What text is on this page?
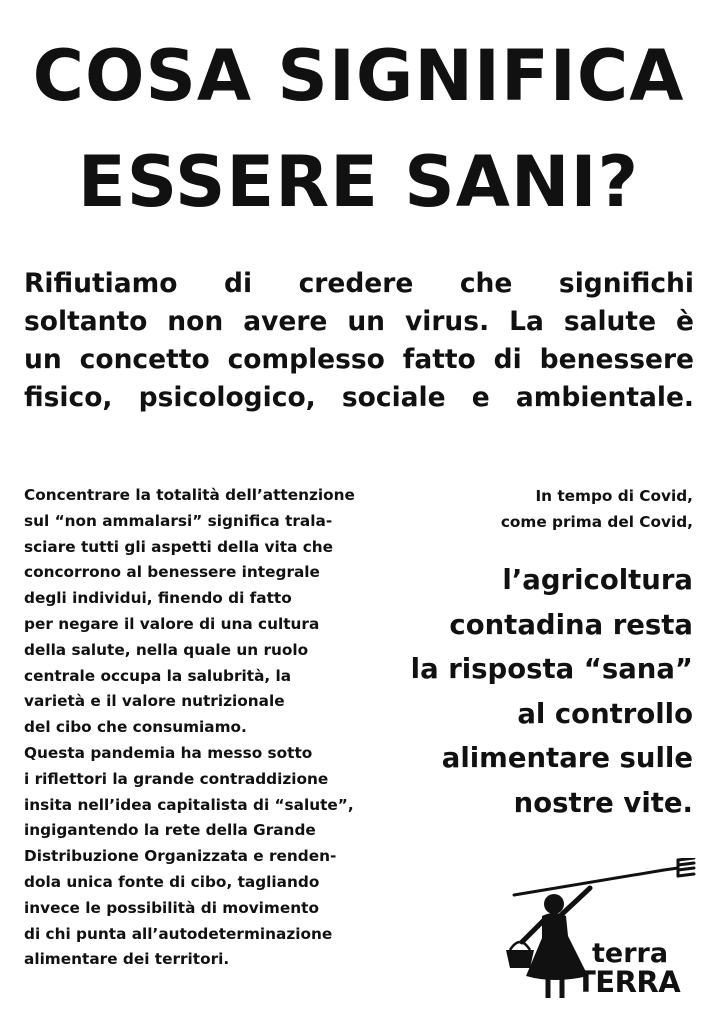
COSA SIGNIFICA
ESSERE SANI?
Rifiutiamo di credere che significhi
soltanto non avere un virus. La salute è
un concetto complesso fatto di benessere
fisico, psicologico, sociale e ambientale.
Concentrare la totalità dell’attenzione
sul “non ammalarsi” significa trala-
sciare tutti gli aspetti della vita che
concorrono al benessere integrale
degli individui, finendo di fatto
per negare il valore di una cultura
della salute, nella quale un ruolo
centrale occupa la salubrità, la
varietà e il valore nutrizionale
del cibo che consumiamo.
Questa pandemia ha messo sotto
i riflettori la grande contraddizione
insita nell’idea capitalista di “salute”,
ingigantendo la rete della Grande
Distribuzione Organizzata e renden-
dola unica fonte di cibo, tagliando
invece le possibilità di movimento
di chi punta all’autodeterminazione
alimentare dei territori.
In tempo di Covid,
come prima del Covid,
l’agricoltura
contadina resta
la risposta “sana”
al controllo
alimentare sulle
nostre vite.
terra
TERRA
